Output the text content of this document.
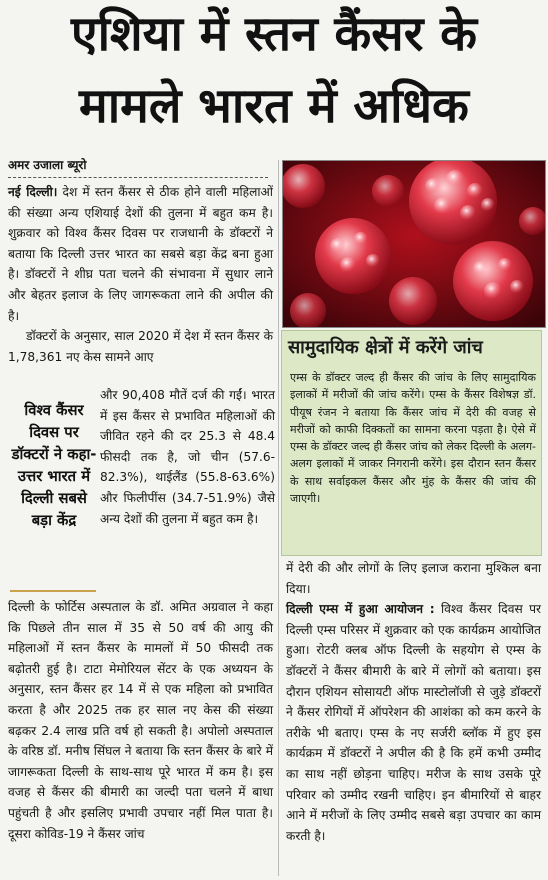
एशिया में स्तन कैंसर के
मामले भारत में अधिक
अमर उजाला ब्यूरो
नई दिल्ली। देश में स्तन कैंसर से ठीक होने वाली महिलाओं की संख्या अन्य एशियाई देशों की तुलना में बहुत कम है। शुक्रवार को विश्व कैंसर दिवस पर राजधानी के डॉक्टरों ने बताया कि दिल्ली उत्तर भारत का सबसे बड़ा केंद्र बना हुआ है। डॉक्टरों ने शीघ्र पता चलने की संभावना में सुधार लाने और बेहतर इलाज के लिए जागरूकता लाने की अपील की है।
डॉक्टरों के अनुसार, साल 2020 में देश में स्तन कैंसर के 1,78,361 नए केस सामने आए
विश्व कैंसर दिवस पर डॉक्टरों ने कहा- उत्तर भारत में दिल्ली सबसे बड़ा केंद्र
और 90,408 मौतें दर्ज की गईं। भारत में इस कैंसर से प्रभावित महिलाओं की जीवित रहने की दर 25.3 से 48.4 फीसदी तक है, जो चीन (57.6-82.3%), थाईलैंड (55.8-63.6%) और फिलीपींस (34.7-51.9%) जैसे अन्य देशों की तुलना में बहुत कम है।
दिल्ली के फोर्टिस अस्पताल के डॉ. अमित अग्रवाल ने कहा कि पिछले तीन साल में 35 से 50 वर्ष की आयु की महिलाओं में स्तन कैंसर के मामलों में 50 फीसदी तक बढ़ोतरी हुई है। टाटा मेमोरियल सेंटर के एक अध्ययन के अनुसार, स्तन कैंसर हर 14 में से एक महिला को प्रभावित करता है और 2025 तक हर साल नए केस की संख्या बढ़कर 2.4 लाख प्रति वर्ष हो सकती है। अपोलो अस्पताल के वरिष्ठ डॉ. मनीष सिंघल ने बताया कि स्तन कैंसर के बारे में जागरूकता दिल्ली के साथ-साथ पूरे भारत में कम है। इस वजह से कैंसर की बीमारी का जल्दी पता चलने में बाधा पहुंचती है और इसलिए प्रभावी उपचार नहीं मिल पाता है। दूसरा कोविड-19 ने कैंसर जांच
सामुदायिक क्षेत्रों में करेंगे जांच
एम्स के डॉक्टर जल्द ही कैंसर की जांच के लिए सामुदायिक इलाकों में मरीजों की जांच करेंगे। एम्स के कैंसर विशेषज्ञ डॉ. पीयूष रंजन ने बताया कि कैंसर जांच में देरी की वजह से मरीजों को काफी दिक्कतों का सामना करना पड़ता है। ऐसे में एम्स के डॉक्टर जल्द ही कैंसर जांच को लेकर दिल्ली के अलग-अलग इलाकों में जाकर निगरानी करेंगे। इस दौरान स्तन कैंसर के साथ सर्वाइकल कैंसर और मुंह के कैंसर की जांच की जाएगी।
में देरी की और लोगों के लिए इलाज कराना मुश्किल बना दिया।
दिल्ली एम्स में हुआ आयोजन : विश्व कैंसर दिवस पर दिल्ली एम्स परिसर में शुक्रवार को एक कार्यक्रम आयोजित हुआ। रोटरी क्लब ऑफ दिल्ली के सहयोग से एम्स के डॉक्टरों ने कैंसर बीमारी के बारे में लोगों को बताया। इस दौरान एशियन सोसायटी ऑफ मास्टोलॉजी से जुड़े डॉक्टरों ने कैंसर रोगियों में ऑपरेशन की आशंका को कम करने के तरीके भी बताए। एम्स के नए सर्जरी ब्लॉक में हुए इस कार्यक्रम में डॉक्टरों ने अपील की है कि हमें कभी उम्मीद का साथ नहीं छोड़ना चाहिए। मरीज के साथ उसके पूरे परिवार को उम्मीद रखनी चाहिए। इन बीमारियों से बाहर आने में मरीजों के लिए उम्मीद सबसे बड़ा उपचार का काम करती है।
